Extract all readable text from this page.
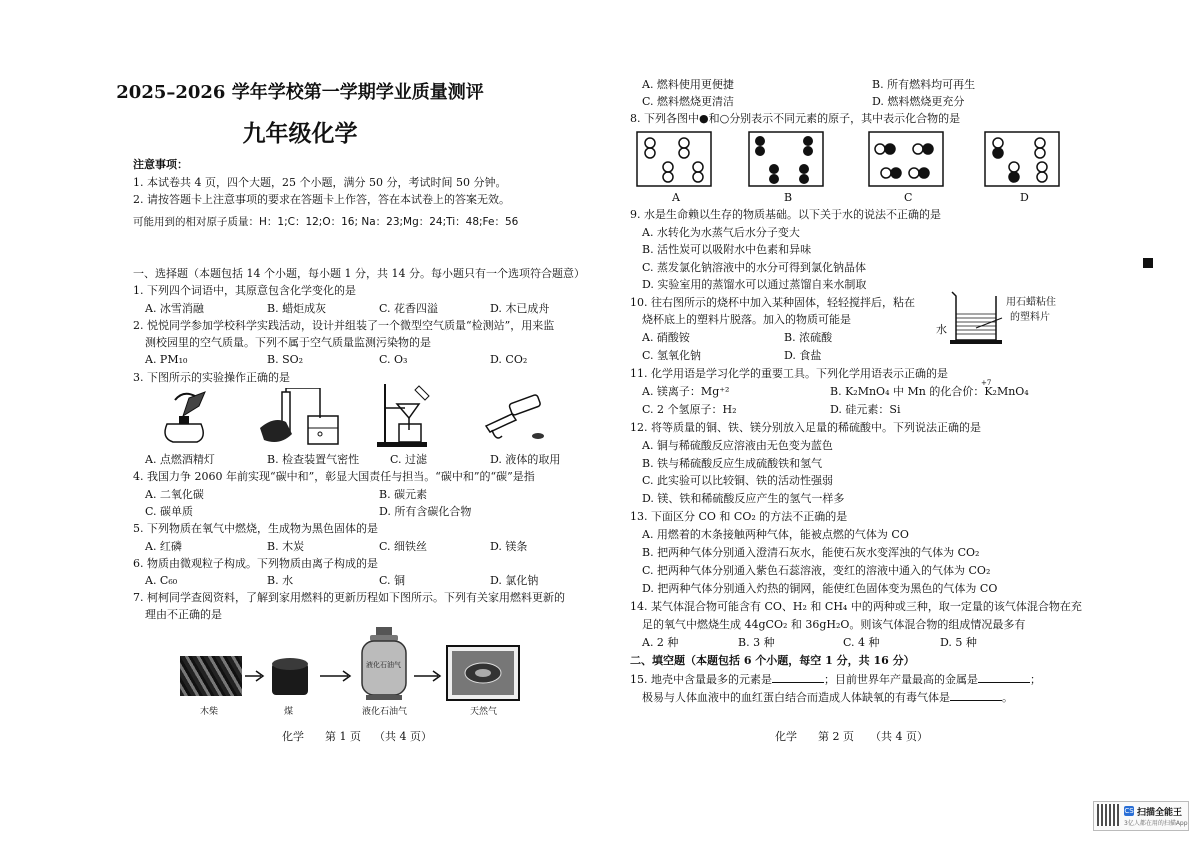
2025–2026 学年学校第一学期学业质量测评
九年级化学
注意事项：
1. 本试卷共 4 页，四个大题，25 个小题，满分 50 分，考试时间 50 分钟。
2. 请按答题卡上注意事项的要求在答题卡上作答，答在本试卷上的答案无效。
可能用到的相对原子质量：H：1;C：12;O：16; Na：23;Mg：24;Ti：48;Fe：56
一、选择题（本题包括 14 个小题，每小题 1 分，共 14 分。每小题只有一个选项符合题意）
1. 下列四个词语中，其原意包含化学变化的是
A. 冰雪消融	B. 蜡炬成灰	C. 花香四溢	D. 木已成舟
2. 悦悦同学参加学校科学实践活动，设计并组装了一个微型空气质量“检测站”，用来监
测校园里的空气质量。下列不属于空气质量监测污染物的是
A. PM₁₀	B. SO₂	C. O₃	D. CO₂
3. 下图所示的实验操作正确的是
A. 点燃酒精灯	B. 检查装置气密性	C. 过滤	D. 液体的取用
4. 我国力争 2060 年前实现“碳中和”，彰显大国责任与担当。“碳中和”的“碳”是指
A. 二氧化碳	B. 碳元素
C. 碳单质	D. 所有含碳化合物
5. 下列物质在氧气中燃烧，生成物为黑色固体的是
A. 红磷	B. 木炭	C. 细铁丝	D. 镁条
6. 物质由微观粒子构成。下列物质由离子构成的是
A. C₆₀	B. 水	C. 铜	D. 氯化钠
7. 柯柯同学查阅资料，了解到家用燃料的更新历程如下图所示。下列有关家用燃料更新的
理由不正确的是
液化石油气
木柴	煤	液化石油气	天然气
化学 第 1 页 （共 4 页）
A. 燃料使用更便捷	B. 所有燃料均可再生
C. 燃料燃烧更清洁	D. 燃料燃烧更充分
8. 下列各图中●和○分别表示不同元素的原子，其中表示化合物的是
A	B	C	D
9. 水是生命赖以生存的物质基础。以下关于水的说法不正确的是
A. 水转化为水蒸气后水分子变大
B. 活性炭可以吸附水中色素和异味
C. 蒸发氯化钠溶液中的水分可得到氯化钠晶体
D. 实验室用的蒸馏水可以通过蒸馏自来水制取
10. 往右图所示的烧杯中加入某种固体，轻轻搅拌后，粘在
烧杯底上的塑料片脱落。加入的物质可能是
A. 硝酸铵	B. 浓硫酸
C. 氢氧化钠	D. 食盐
水
用石蜡粘住
的塑料片
11. 化学用语是学习化学的重要工具。下列化学用语表示正确的是
A. 镁离子：Mg⁺²	B. K₂MnO₄ 中 Mn 的化合价：K₂MnO₄
+7
C. 2 个氢原子：H₂	D. 硅元素：Si
12. 将等质量的铜、铁、镁分别放入足量的稀硫酸中。下列说法正确的是
A. 铜与稀硫酸反应溶液由无色变为蓝色
B. 铁与稀硫酸反应生成硫酸铁和氢气
C. 此实验可以比较铜、铁的活动性强弱
D. 镁、铁和稀硫酸反应产生的氢气一样多
13. 下面区分 CO 和 CO₂ 的方法不正确的是
A. 用燃着的木条接触两种气体，能被点燃的气体为 CO
B. 把两种气体分别通入澄清石灰水，能使石灰水变浑浊的气体为 CO₂
C. 把两种气体分别通入紫色石蕊溶液，变红的溶液中通入的气体为 CO₂
D. 把两种气体分别通入灼热的铜网，能使红色固体变为黑色的气体为 CO
14. 某气体混合物可能含有 CO、H₂ 和 CH₄ 中的两种或三种，取一定量的该气体混合物在充
足的氧气中燃烧生成 44gCO₂ 和 36gH₂O。则该气体混合物的组成情况最多有
A. 2 种	B. 3 种	C. 4 种	D. 5 种
二、填空题（本题包括 6 个小题，每空 1 分，共 16 分）
15. 地壳中含量最多的元素是	；目前世界年产量最高的金属是	；
极易与人体血液中的血红蛋白结合而造成人体缺氧的有毒气体是	。
化学 第 2 页 （共 4 页）
CS 扫描全能王
3亿人都在用的扫描App
